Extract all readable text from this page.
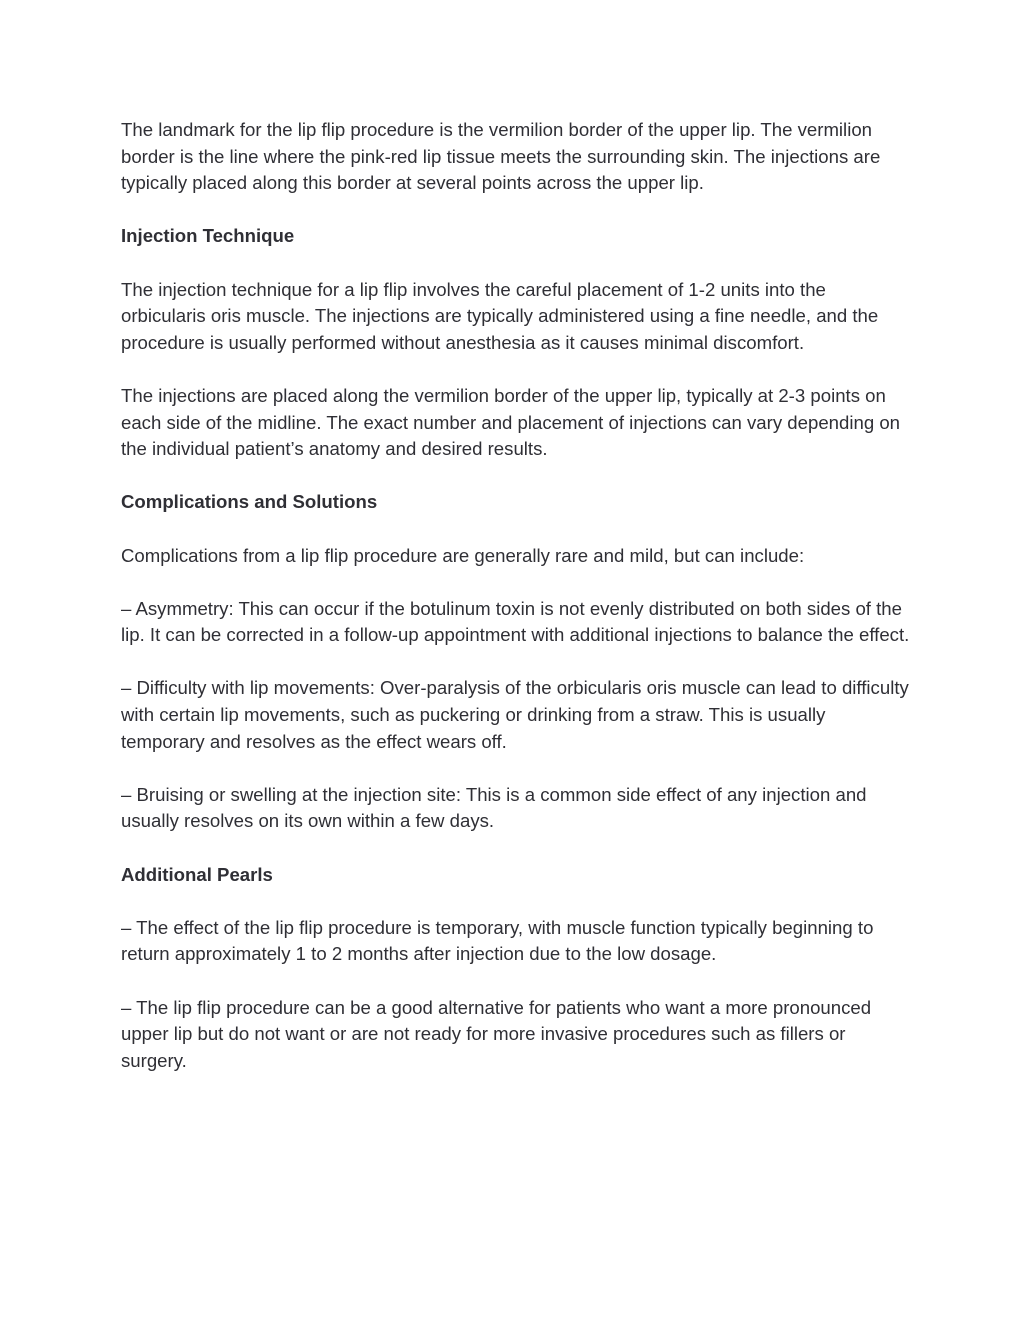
The landmark for the lip flip procedure is the vermilion border of the upper lip. The vermilion border is the line where the pink-red lip tissue meets the surrounding skin. The injections are typically placed along this border at several points across the upper lip.

Injection Technique

The injection technique for a lip flip involves the careful placement of 1-2 units into the orbicularis oris muscle. The injections are typically administered using a fine needle, and the procedure is usually performed without anesthesia as it causes minimal discomfort.

The injections are placed along the vermilion border of the upper lip, typically at 2-3 points on each side of the midline. The exact number and placement of injections can vary depending on the individual patient’s anatomy and desired results.

Complications and Solutions

Complications from a lip flip procedure are generally rare and mild, but can include:

– Asymmetry: This can occur if the botulinum toxin is not evenly distributed on both sides of the lip. It can be corrected in a follow-up appointment with additional injections to balance the effect.

– Difficulty with lip movements: Over-paralysis of the orbicularis oris muscle can lead to difficulty with certain lip movements, such as puckering or drinking from a straw. This is usually temporary and resolves as the effect wears off.

– Bruising or swelling at the injection site: This is a common side effect of any injection and usually resolves on its own within a few days.

Additional Pearls

– The effect of the lip flip procedure is temporary, with muscle function typically beginning to return approximately 1 to 2 months after injection due to the low dosage.

– The lip flip procedure can be a good alternative for patients who want a more pronounced upper lip but do not want or are not ready for more invasive procedures such as fillers or surgery.
